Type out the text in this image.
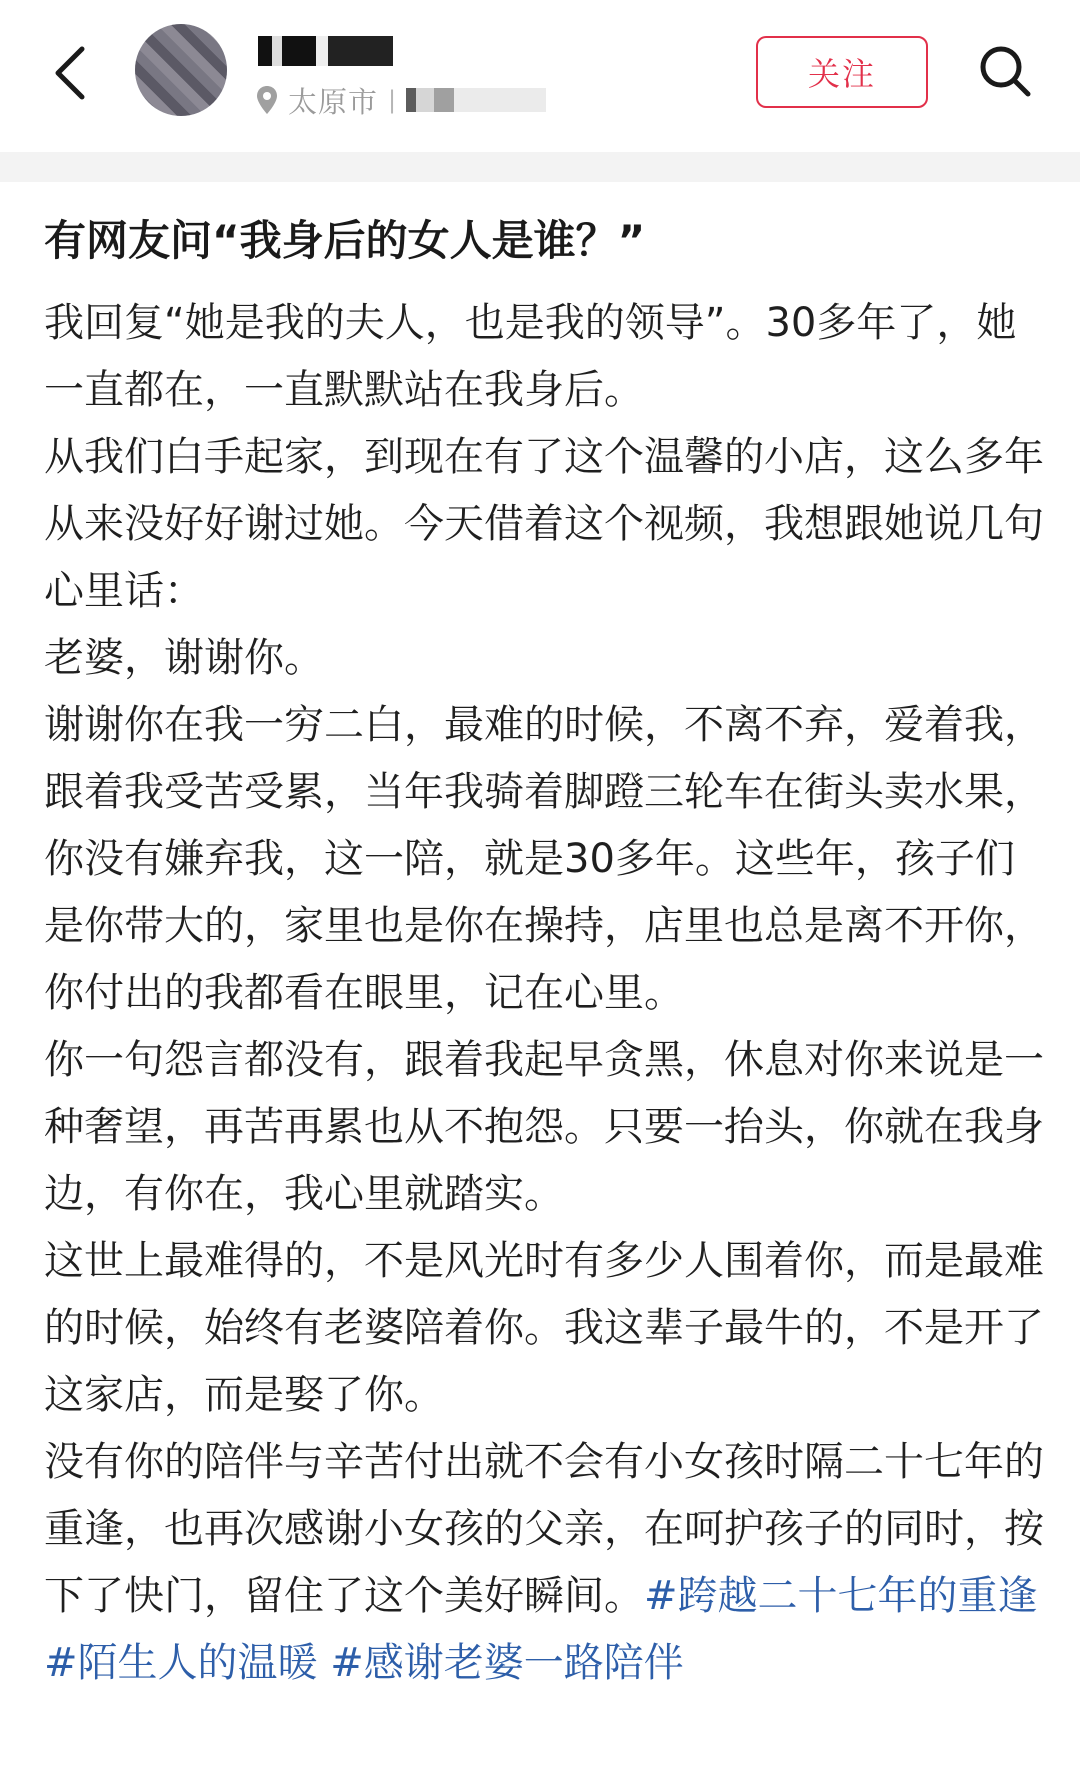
太原市 |
关注
有网友问“我身后的女人是谁？”

我回复“她是我的夫人，也是我的领导”。30多年了，她一直都在，一直默默站在我身后。

从我们白手起家，到现在有了这个温馨的小店，这么多年从来没好好谢过她。今天借着这个视频，我想跟她说几句心里话：

老婆，谢谢你。

谢谢你在我一穷二白，最难的时候，不离不弃，爱着我，跟着我受苦受累，当年我骑着脚蹬三轮车在街头卖水果，你没有嫌弃我，这一陪，就是30多年。这些年，孩子们是你带大的，家里也是你在操持，店里也总是离不开你，你付出的我都看在眼里，记在心里。

你一句怨言都没有，跟着我起早贪黑，休息对你来说是一种奢望，再苦再累也从不抱怨。只要一抬头，你就在我身边，有你在，我心里就踏实。

这世上最难得的，不是风光时有多少人围着你，而是最难的时候，始终有老婆陪着你。我这辈子最牛的，不是开了这家店，而是娶了你。

没有你的陪伴与辛苦付出就不会有小女孩时隔二十七年的重逢，也再次感谢小女孩的父亲，在呵护孩子的同时，按下了快门，留住了这个美好瞬间。#跨越二十七年的重逢 #陌生人的温暖 #感谢老婆一路陪伴
